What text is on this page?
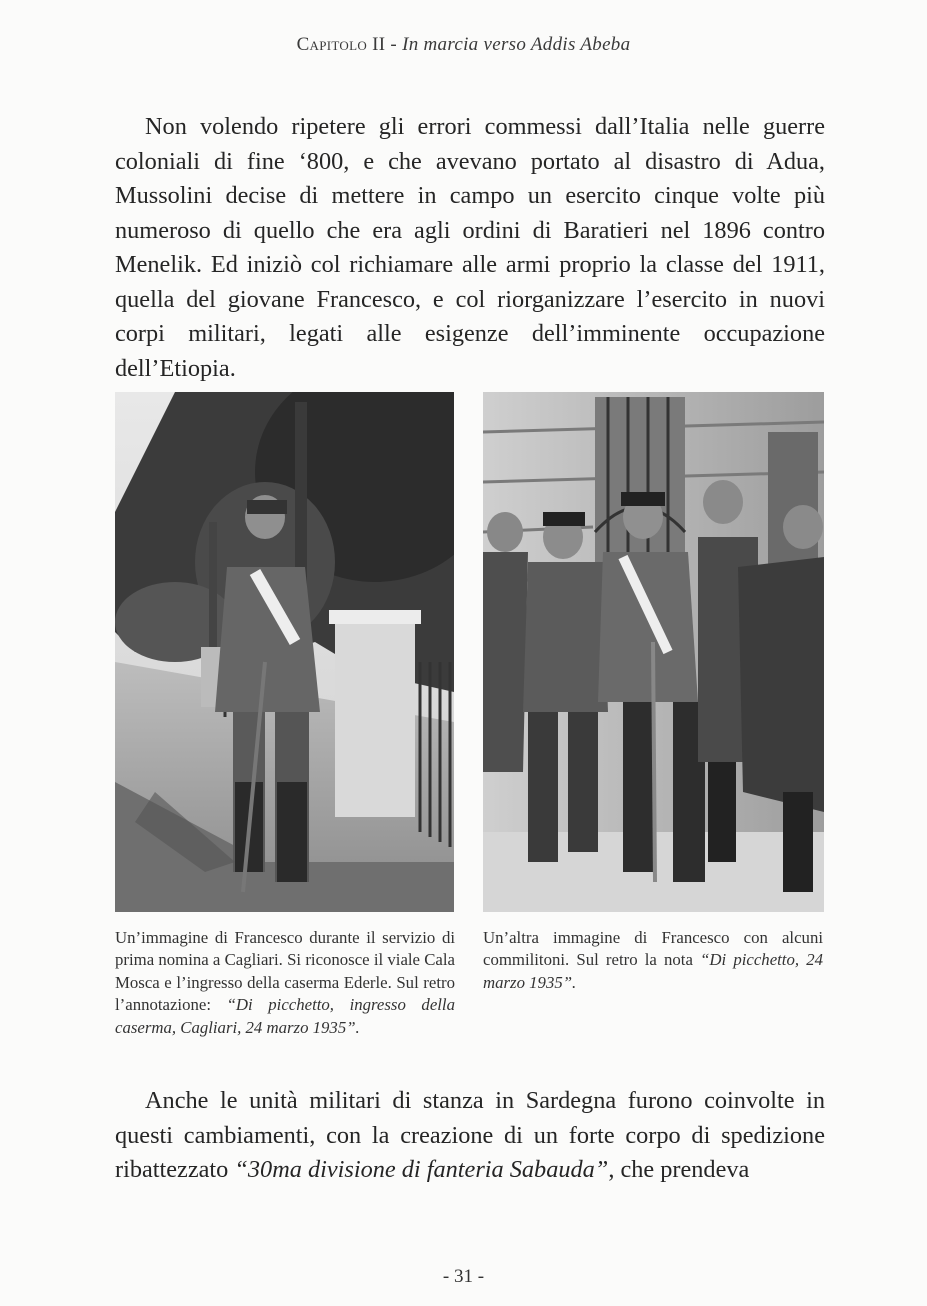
Capitolo II - In marcia verso Addis Abeba

Non volendo ripetere gli errori commessi dall’Italia nelle guerre coloniali di fine ‘800, e che avevano portato al disastro di Adua, Mussolini decise di mettere in campo un esercito cinque volte più numeroso di quello che era agli ordini di Baratieri nel 1896 contro Menelik. Ed iniziò col richiamare alle armi proprio la classe del 1911, quella del giovane Francesco, e col riorganizzare l’esercito in nuovi corpi militari, legati alle esigenze dell’imminente occupazione dell’Etiopia.

Un’immagine di Francesco durante il servizio di prima nomina a Cagliari. Si riconosce il viale Cala Mosca e l’ingresso della caserma Ederle. Sul retro l’annotazione: “Di picchetto, ingresso della caserma, Cagliari, 24 marzo 1935”.

Un’altra immagine di Francesco con alcuni commilitoni. Sul retro la nota “Di picchetto, 24 marzo 1935”.

Anche le unità militari di stanza in Sardegna furono coinvolte in questi cambiamenti, con la creazione di un forte corpo di spedizione ribattezzato “30ma divisione di fanteria Sabauda”, che prendeva

- 31 -
